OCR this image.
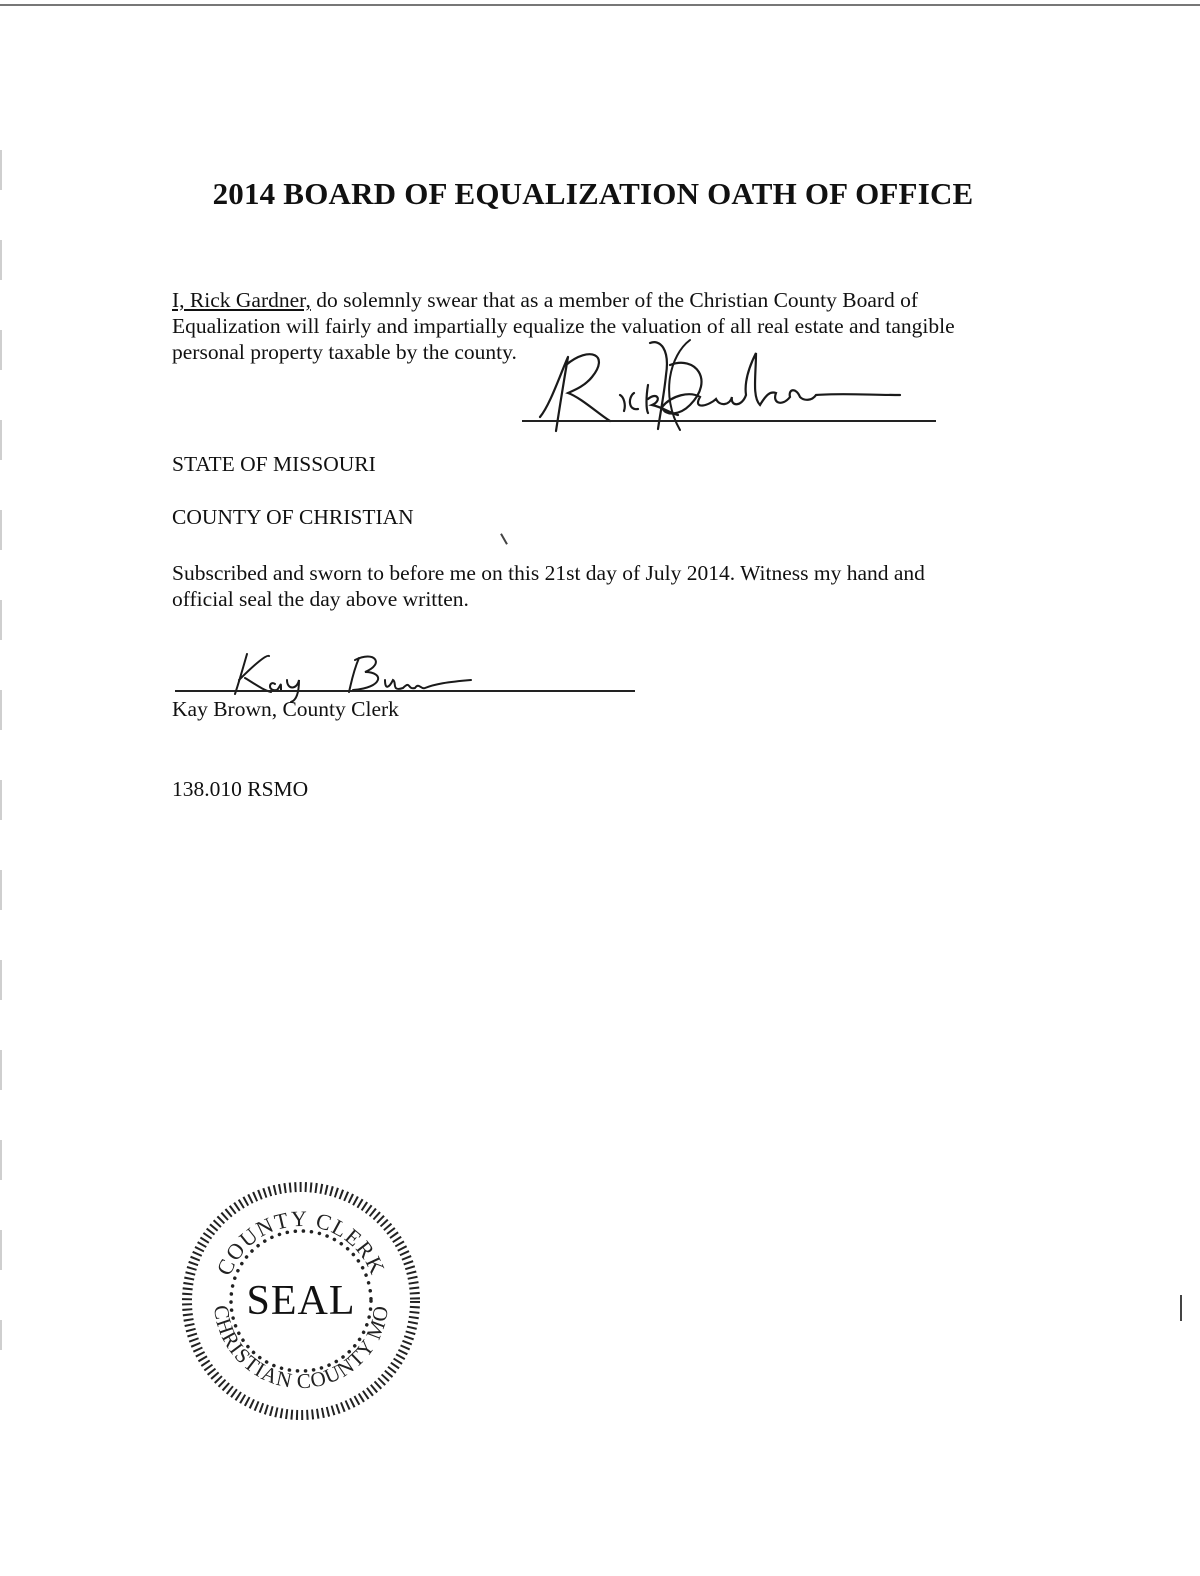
2014 BOARD OF EQUALIZATION OATH OF OFFICE
I, Rick Gardner, do solemnly swear that as a member of the Christian County Board of Equalization will fairly and impartially equalize the valuation of all real estate and tangible personal property taxable by the county.
STATE OF MISSOURI
COUNTY OF CHRISTIAN
Subscribed and sworn to before me on this 21st day of July 2014. Witness my hand and
official seal the day above written.
Kay Brown, County Clerk
138.010 RSMO
COUNTY CLERK
CHRISTIAN COUNTY MO
SEAL
